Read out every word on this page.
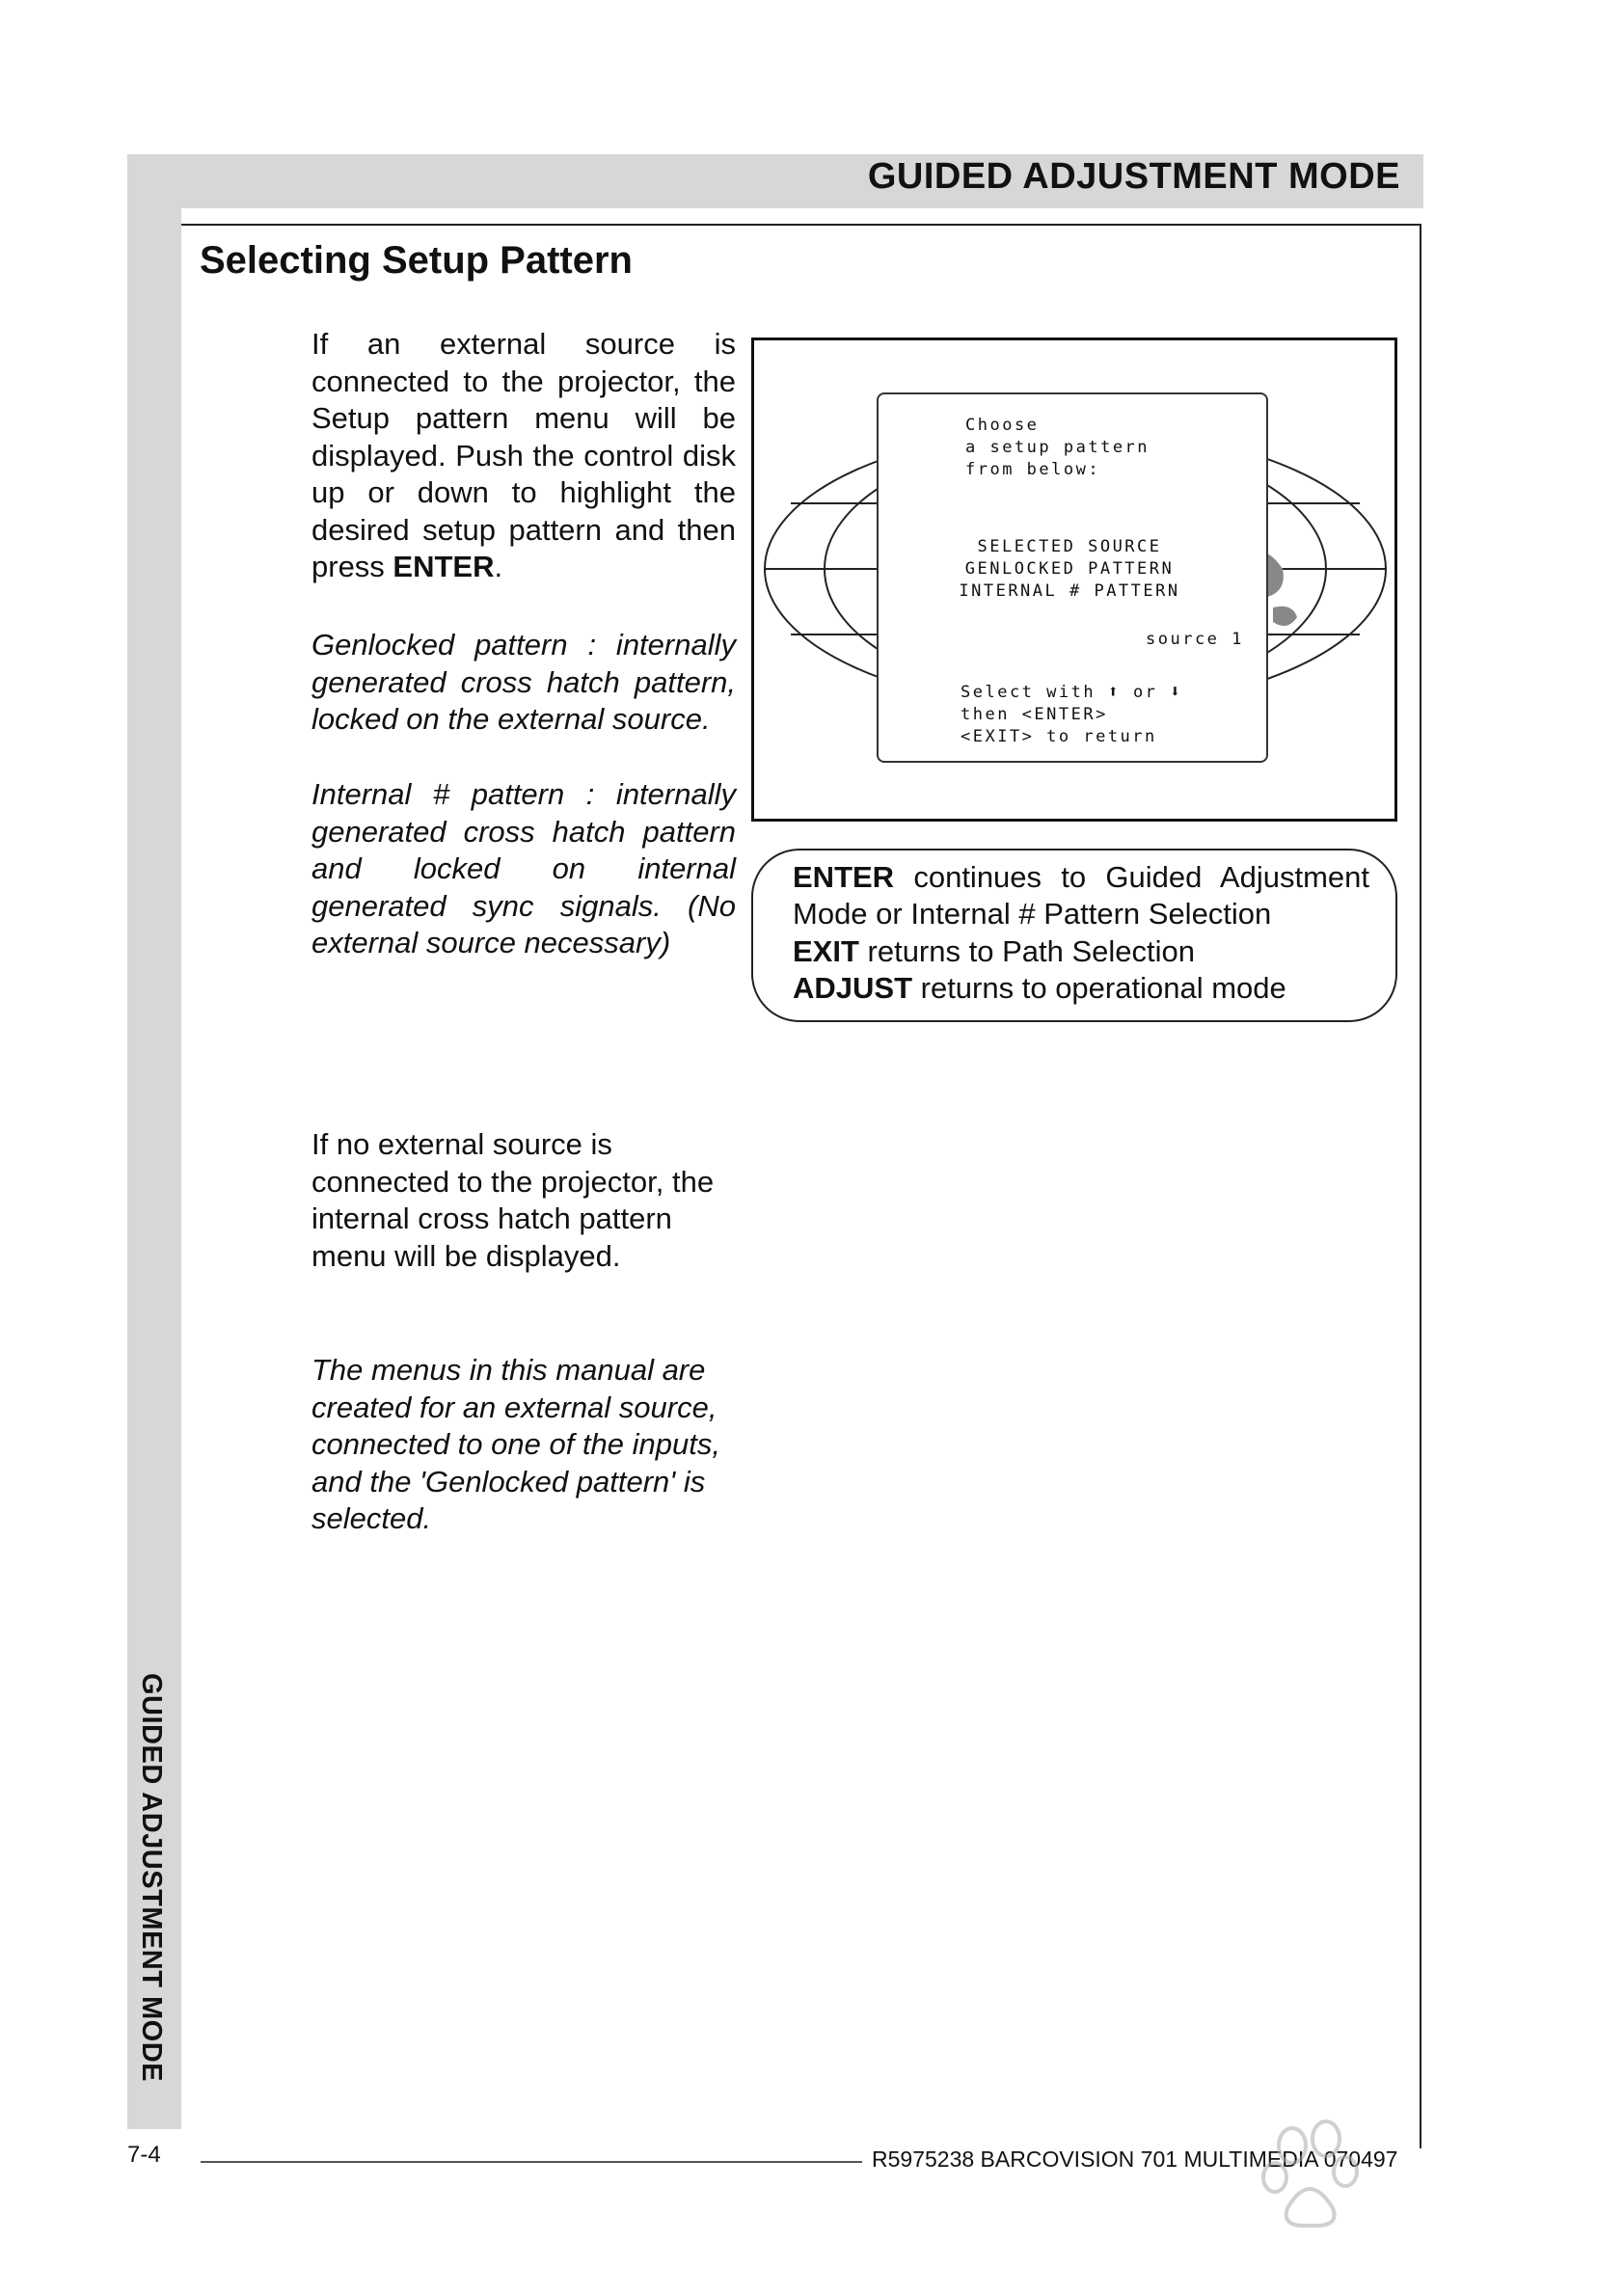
GUIDED ADJUSTMENT MODE
Selecting Setup Pattern
If an external source is connected to the projector, the Setup pattern menu will be displayed. Push the control disk up or down to highlight the desired setup pattern and then press ENTER.
Genlocked pattern : internally generated cross hatch pattern, locked on the external source.
Internal # pattern : internally generated cross hatch pattern and locked on internal generated sync signals. (No external source necessary)
If no external source is connected to the projector, the internal cross hatch pattern menu will be displayed.
The menus in this manual are created for an external source, connected to one of the inputs, and the 'Genlocked pattern' is selected.
Choose
a setup pattern
from below:
SELECTED SOURCE
GENLOCKED PATTERN
INTERNAL # PATTERN
source 1
Select with ⬆ or ⬇
then <ENTER>
<EXIT> to return
ENTER continues to Guided Adjustment
Mode or Internal # Pattern Selection
EXIT returns to Path Selection
ADJUST returns to operational mode
GUIDED ADJUSTMENT MODE
7-4	R5975238 BARCOVISION 701 MULTIMEDIA 070497
